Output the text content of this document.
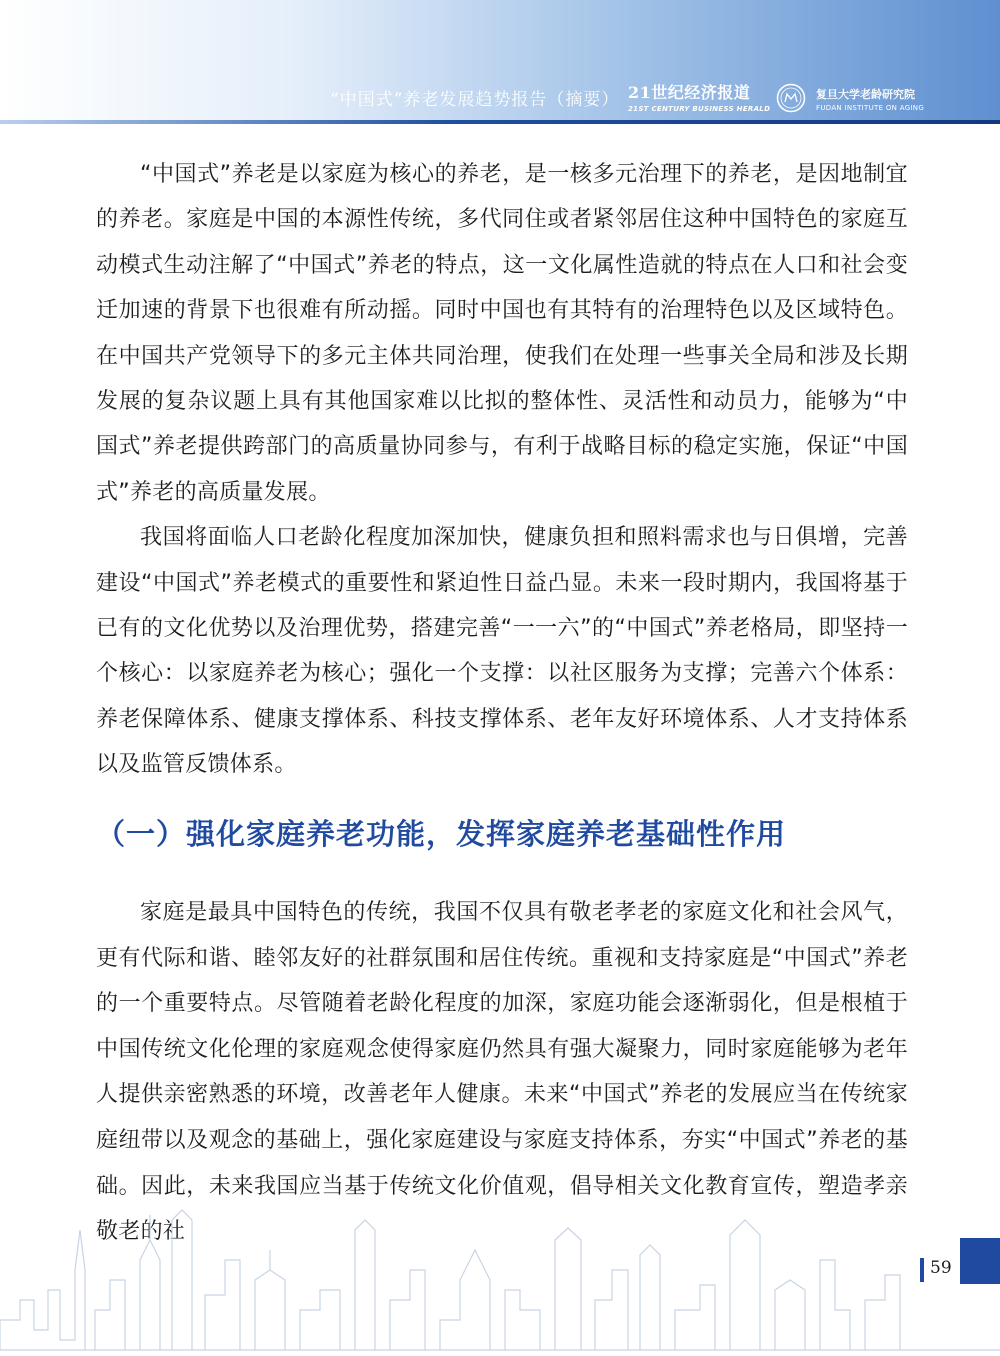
“中国式”养老发展趋势报告（摘要） 21世纪经济报道
21ST CENTURY BUSINESS HERALD
复旦大学老龄研究院
FUDAN INSTITUTE ON AGING

“中国式”养老是以家庭为核心的养老，是一核多元治理下的养老，是因地制宜的养老。家庭是中国的本源性传统，多代同住或者紧邻居住这种中国特色的家庭互动模式生动注解了“中国式”养老的特点，这一文化属性造就的特点在人口和社会变迁加速的背景下也很难有所动摇。同时中国也有其特有的治理特色以及区域特色。在中国共产党领导下的多元主体共同治理，使我们在处理一些事关全局和涉及长期发展的复杂议题上具有其他国家难以比拟的整体性、灵活性和动员力，能够为“中国式”养老提供跨部门的高质量协同参与，有利于战略目标的稳定实施，保证“中国式”养老的高质量发展。

我国将面临人口老龄化程度加深加快，健康负担和照料需求也与日俱增，完善建设“中国式”养老模式的重要性和紧迫性日益凸显。未来一段时期内，我国将基于已有的文化优势以及治理优势，搭建完善“一一六”的“中国式”养老格局，即坚持一个核心：以家庭养老为核心；强化一个支撑：以社区服务为支撑；完善六个体系：养老保障体系、健康支撑体系、科技支撑体系、老年友好环境体系、人才支持体系以及监管反馈体系。

（一）强化家庭养老功能，发挥家庭养老基础性作用

家庭是最具中国特色的传统，我国不仅具有敬老孝老的家庭文化和社会风气，更有代际和谐、睦邻友好的社群氛围和居住传统。重视和支持家庭是“中国式”养老的一个重要特点。尽管随着老龄化程度的加深，家庭功能会逐渐弱化，但是根植于中国传统文化伦理的家庭观念使得家庭仍然具有强大凝聚力，同时家庭能够为老年人提供亲密熟悉的环境，改善老年人健康。未来“中国式”养老的发展应当在传统家庭纽带以及观念的基础上，强化家庭建设与家庭支持体系，夯实“中国式”养老的基础。因此，未来我国应当基于传统文化价值观，倡导相关文化教育宣传，塑造孝亲敬老的社

59
